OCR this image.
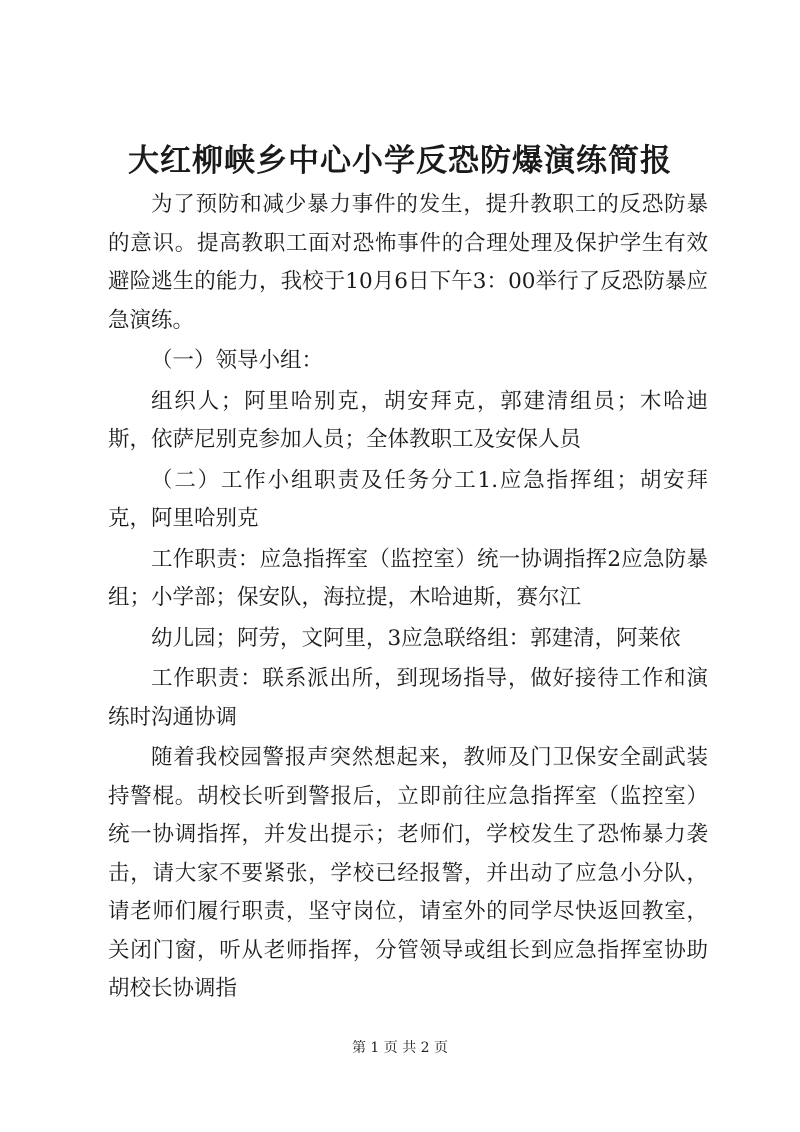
大红柳峡乡中心小学反恐防爆演练简报

为了预防和减少暴力事件的发生，提升教职工的反恐防暴的意识。提高教职工面对恐怖事件的合理处理及保护学生有效避险逃生的能力，我校于10月6日下午3：00举行了反恐防暴应急演练。

（一）领导小组：

组织人；阿里哈别克，胡安拜克，郭建清组员；木哈迪斯，依萨尼别克参加人员；全体教职工及安保人员

（二）工作小组职责及任务分工1.应急指挥组；胡安拜克，阿里哈别克

工作职责：应急指挥室（监控室）统一协调指挥2应急防暴组；小学部；保安队，海拉提，木哈迪斯，赛尔江

幼儿园；阿劳，文阿里，3应急联络组：郭建清，阿莱依

工作职责：联系派出所，到现场指导，做好接待工作和演练时沟通协调

随着我校园警报声突然想起来，教师及门卫保安全副武装持警棍。胡校长听到警报后，立即前往应急指挥室（监控室）统一协调指挥，并发出提示；老师们，学校发生了恐怖暴力袭击，请大家不要紧张，学校已经报警，并出动了应急小分队，请老师们履行职责，坚守岗位，请室外的同学尽快返回教室，关闭门窗，听从老师指挥，分管领导或组长到应急指挥室协助胡校长协调指

第 1 页 共 2 页
